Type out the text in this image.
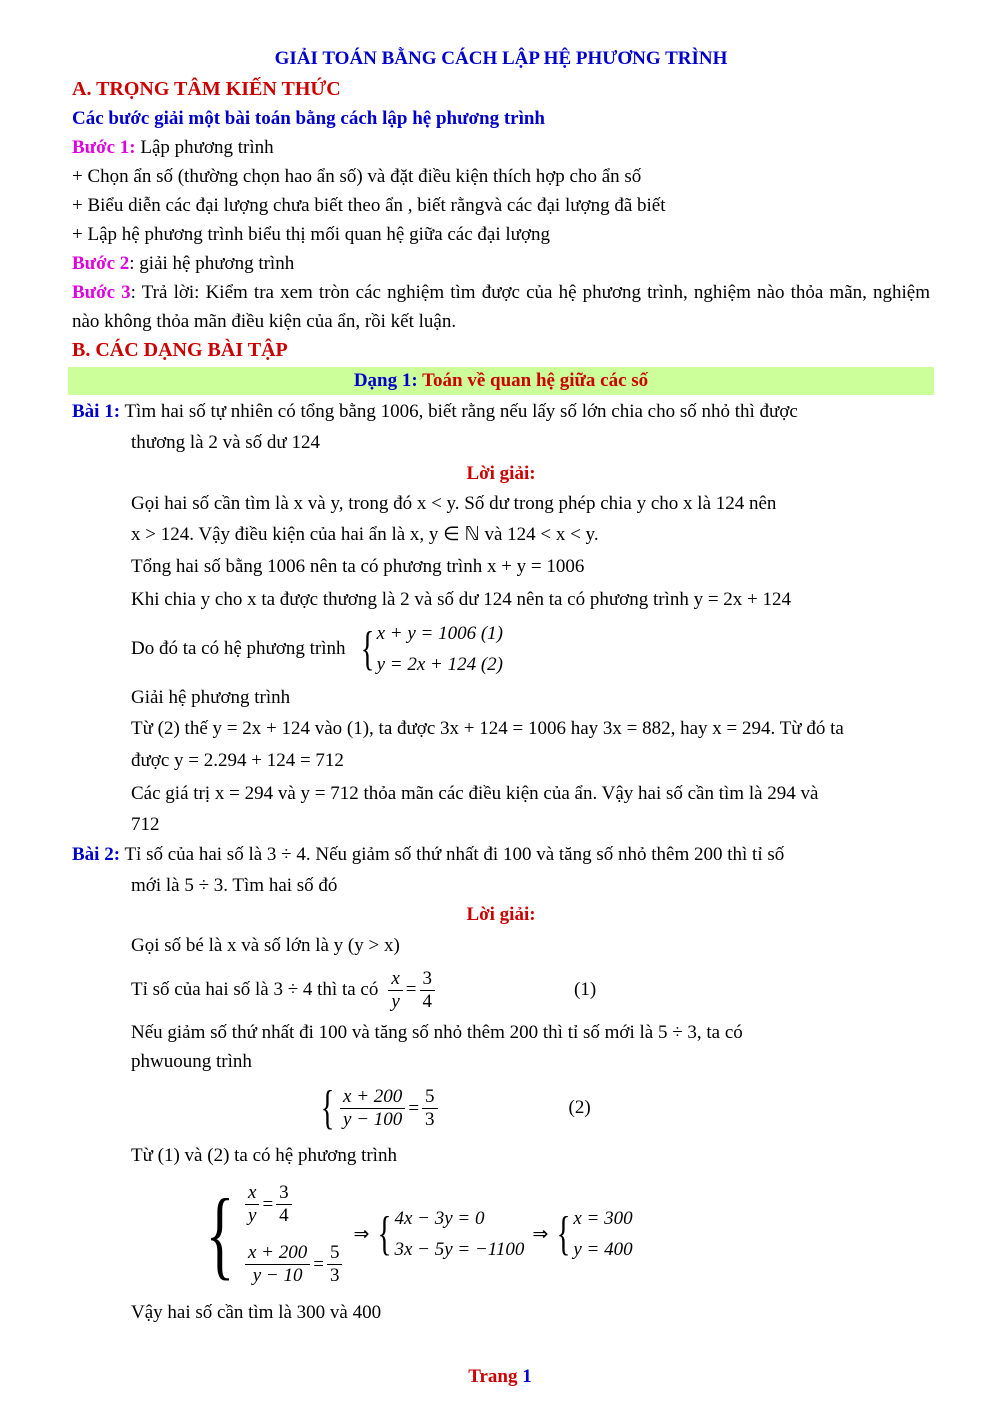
GIẢI TOÁN BẰNG CÁCH LẬP HỆ PHƯƠNG TRÌNH
A. TRỌNG TÂM KIẾN THỨC
Các bước giải một bài toán bằng cách lập hệ phương trình
Bước 1: Lập phương trình
+ Chọn ẩn số (thường chọn hao ẩn số) và đặt điều kiện thích hợp cho ẩn số
+ Biểu diễn các đại lượng chưa biết theo ẩn , biết rằngvà các đại lượng đã biết
+ Lập hệ phương trình biểu thị mối quan hệ giữa các đại lượng
Bước 2: giải hệ phương trình
Bước 3: Trả lời: Kiểm tra xem tròn các nghiệm tìm được của hệ phương trình, nghiệm nào thỏa mãn, nghiệm nào không thỏa mãn điều kiện của ẩn, rồi kết luận.
B. CÁC DẠNG BÀI TẬP
Dạng 1: Toán về quan hệ giữa các số
Bài 1: Tìm hai số tự nhiên có tổng bằng 1006, biết rằng nếu lấy số lớn chia cho số nhỏ thì được
thương là 2 và số dư 124
Lời giải:
Gọi hai số cần tìm là x và y, trong đó x < y. Số dư trong phép chia y cho x là 124 nên
x > 124. Vậy điều kiện của hai ẩn là x, y ∈ ℕ và 124 < x < y.
Tổng hai số bằng 1006 nên ta có phương trình x + y = 1006
Khi chia y cho x ta được thương là 2 và số dư 124 nên ta có phương trình y = 2x + 124
Do đó ta có hệ phương trình { x + y = 1006 (1)
y = 2x + 124 (2)
Giải hệ phương trình
Từ (2) thế y = 2x + 124 vào (1), ta được 3x + 124 = 1006 hay 3x = 882, hay x = 294. Từ đó ta
được y = 2.294 + 124 = 712
Các giá trị x = 294 và y = 712 thỏa mãn các điều kiện của ẩn. Vậy hai số cần tìm là 294 và
712
Bài 2: Tỉ số của hai số là 3 ÷ 4. Nếu giảm số thứ nhất đi 100 và tăng số nhỏ thêm 200 thì tỉ số
mới là 5 ÷ 3. Tìm hai số đó
Lời giải:
Gọi số bé là x và số lớn là y (y > x)
Tỉ số của hai số là 3 ÷ 4 thì ta có $\frac{x}{y} = \frac{3}{4}$	(1)
Nếu giảm số thứ nhất đi 100 và tăng số nhỏ thêm 200 thì tỉ số mới là 5 ÷ 3, ta có
phwuoung trình
{ $\frac{x + 200}{y - 100} = \frac{5}{3}$	(2)
Từ (1) và (2) ta có hệ phương trình
{ $\frac{x}{y} = \frac{3}{4}$
$\frac{x + 200}{y - 10} = \frac{5}{3}$
⇒ { 4x − 3y = 0
3x − 5y = −1100
⇒ { x = 300
y = 400
Vậy hai số cần tìm là 300 và 400
Trang 1
